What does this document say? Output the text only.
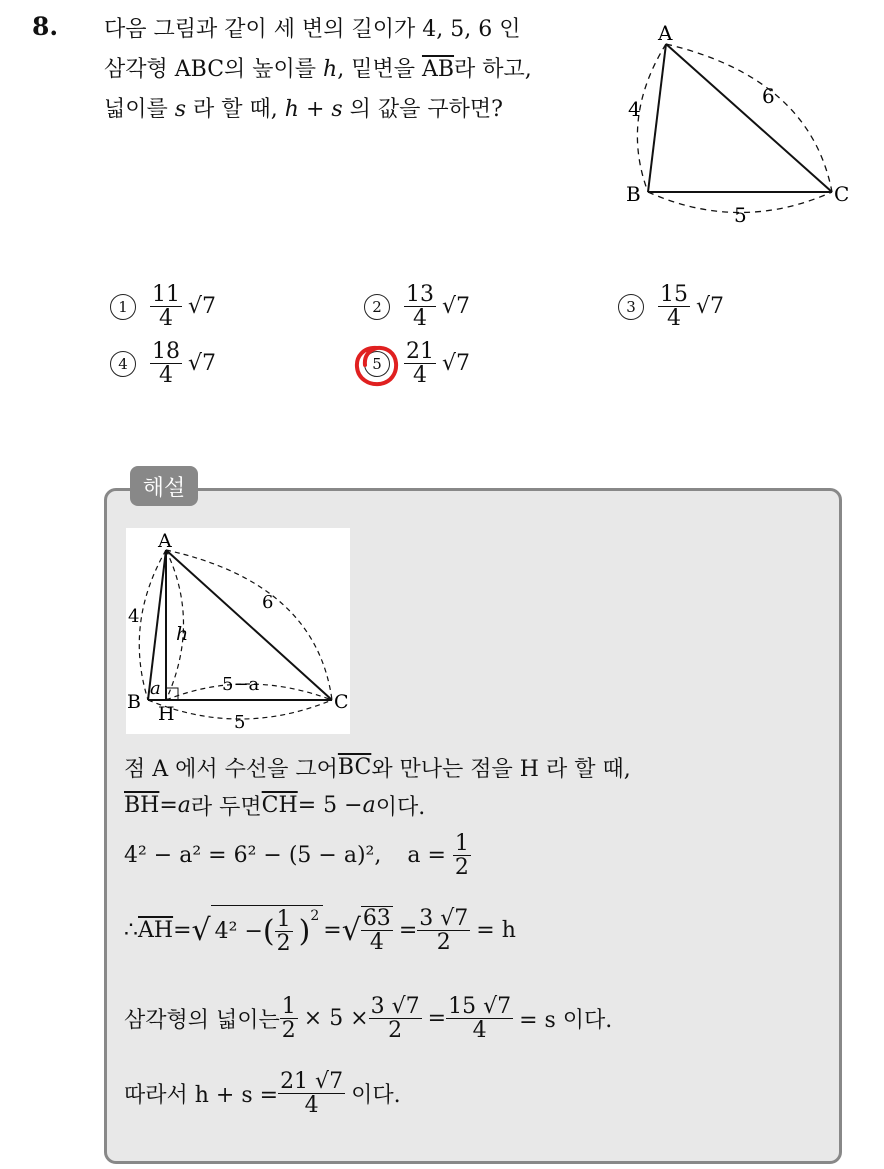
8. 다음 그림과 같이 세 변의 길이가 4, 5, 6 인
삼각형 ABC의 높이를 h, 밑변을 $\overline{AB}$라 하고,
넓이를 s 라 할 때, h + s 의 값을 구하면?
A
B	C
4
6
5
1	$\frac{11}{4} √7$	2	$\frac{13}{4} √7$	3	$\frac{15}{4} √7$
4	$\frac{18}{4} √7$	5	$\frac{21}{4} √7$
해설
A
B	C
H
h
a
4
6
5
5−a
점 A 에서 수선을 그어 $\overline{BC}$ 와 만나는 점을 H 라 할 때,
$\overline{BH} = a$ 라 두면 $\overline{CH} = 5 - a$ 이다.
4² − a² = 6² − (5 − a)², a =
$\frac{1}{2}$
∴ $\overline{AH}$ = √ 4² − ( $\frac{1}{2} )^2$
= √ $\frac{63}{4} = \frac{3 √7}{2} = h$
삼각형의 넓이는 $\frac{1}{2} \times 5 \times \frac{3 √7}{2} = \frac{15 √7}{4} = s$ 이다.
따라서 $h + s = \frac{21 √7}{4}$ 이다.
